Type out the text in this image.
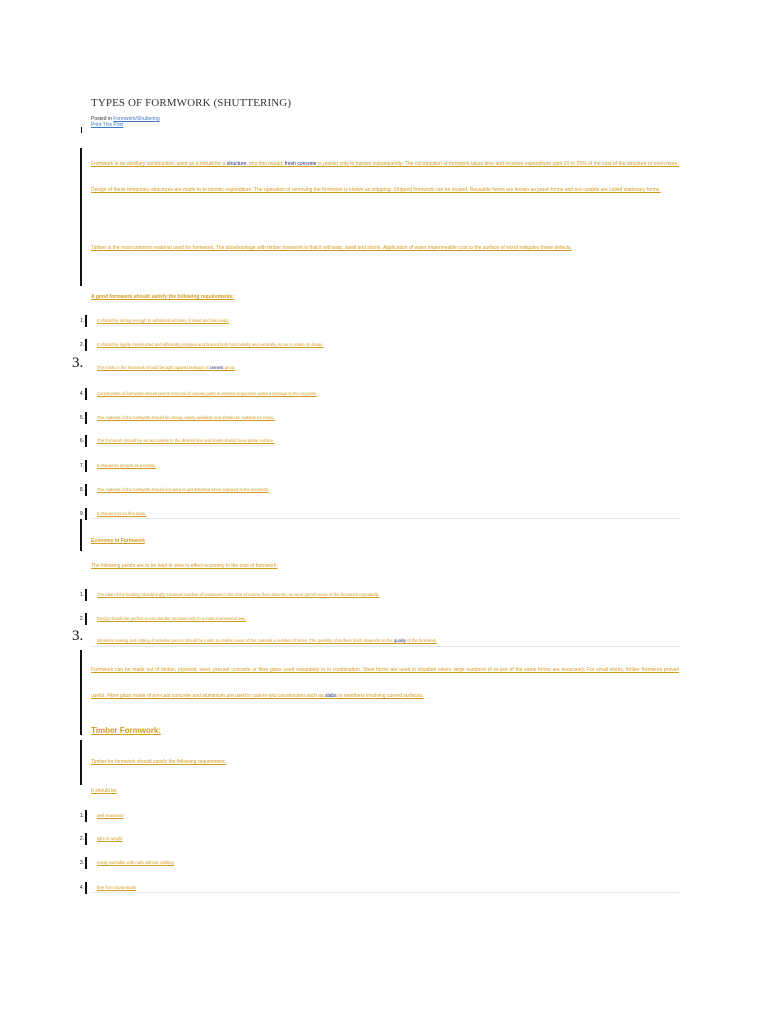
TYPES OF FORMWORK (SHUTTERING)
Posted in Formwork/Shuttering
Print This Post
Formwork is an ancillary construction, used as a mould for a structure. Into this mould, fresh concrete is placed only to harden subsequently. The construction of formwork takes time and involves expenditure upto 20 to 25% of the cost of the structure or even more. Design of these temporary structures are made to economic expenditure. The operation of removing the formwork is known as stripping. Stripped formwork can be reused. Reusable forms are known as panel forms and non-usable are called stationary forms.
Timber is the most common material used for formwork. The disadvantage with timber formwork is that it will warp, swell and shrink. Application of water impermeable cost to the surface of wood mitigates these defects.
A good formwork should satisfy the following requirements:
1.	It should be strong enough to withstand all loses of dead and live loads.
2.	It should be rigidly constructed and efficiently propped and braced both horizontally and vertically, so as to retain its shape.
3.	The joints in the formwork should be tight against leakage of cement grout.
4.	Construction of formwork should permit removal of various parts in desired sequences without damage to the concrete.
5.	The material of the formwork should be cheap, easily available and should be suitable for reuse.
6.	The formwork should be set accurately to the desired line and levels should have plane surface.
7.	It should be as light as possible.
8.	The material of the formwork should not warp or get distorted when exposed to the elements.
9.	It should rest on firm base.
Economy in Formwork
The following points are to be kept in view to effect economy in the cost of formwork:
1.	The plan of the building should imply minimum number of variations in the size of rooms, floor area etc. so as to permit reuse of the formwork repeatedly.
2.	Design should be perfect to use slender sections only in a most economical way.
3.	Minimum sawing and cutting of wooden pieces should be made to enable reuse of the material a number of times. The quantity of surface finish depends on the quality of the formwork.
Formwork can be made out of timber, plywood, steel, precast concrete or fibre glass used separately or in combination. Steel forms are used in situation where large numbers of re-use of the same forms are necessary. For small works, timber formwork proves useful. Fibre glass made of pre-cast concrete and aluminium are used in cast-in-situ construction such as slabs or members involving curved surfaces.
Timber Formwork:
Timber for formwork should satisfy the following requirement:
It should be
1.	well seasoned
2.	light in weight
3.	easily workable with nails without splitting
4.	free from loose knots
